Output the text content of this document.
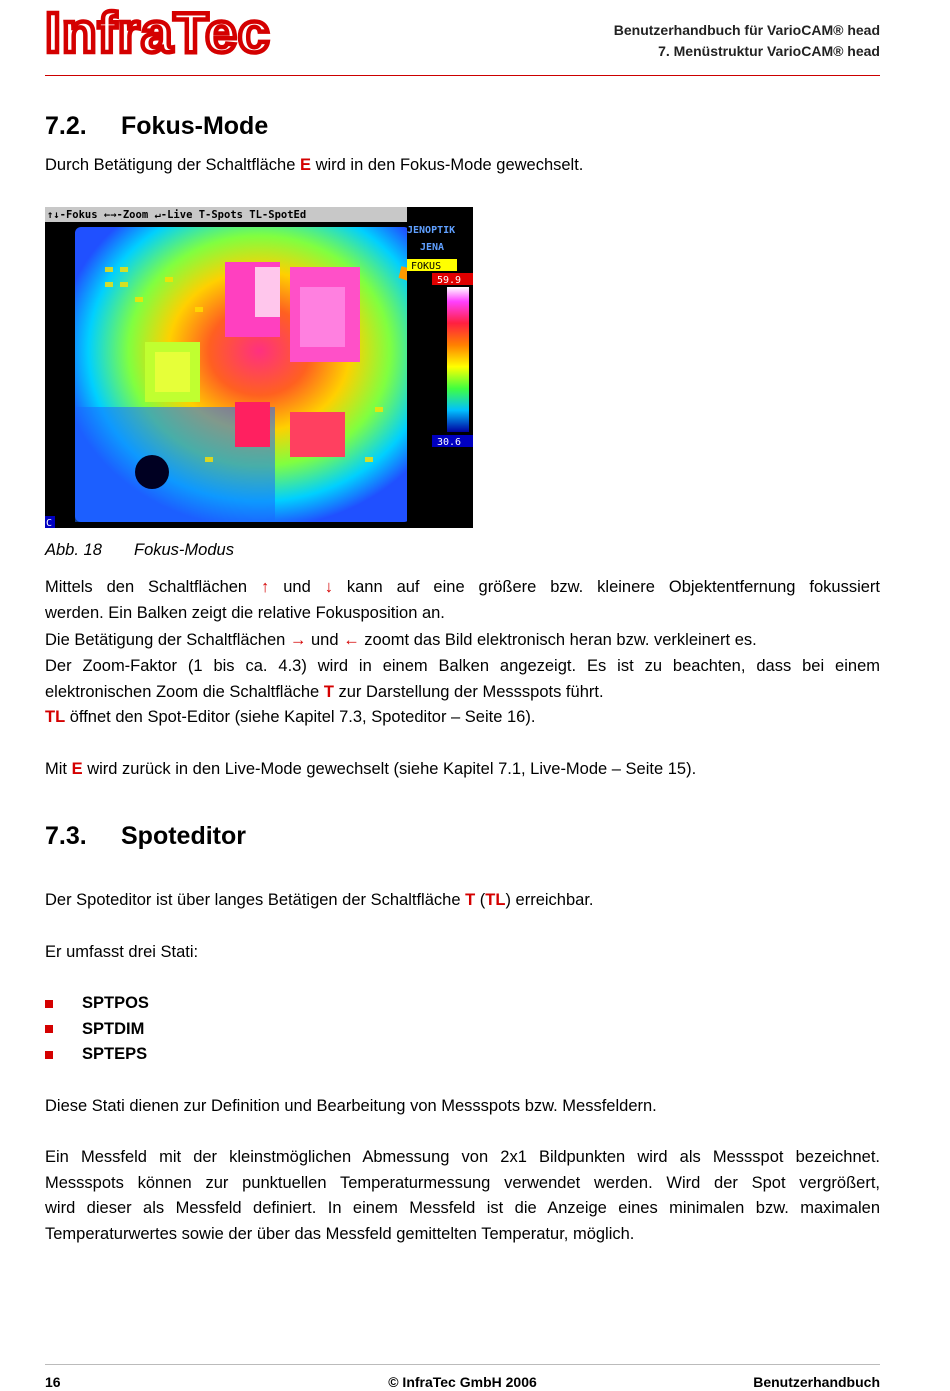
InfraTec	Benutzerhandbuch für VarioCAM® head
7. Menüstruktur VarioCAM® head
7.2. Fokus-Mode
Durch Betätigung der Schaltfläche E wird in den Fokus-Mode gewechselt.
↑↓-Fokus ←→-Zoom ↵-Live T-Spots TL-SpotEd
JENOPTIK
JENA
FOKUS
59.9
30.6
C
Abb. 18 Fokus-Modus
Mittels den Schaltflächen ↑ und ↓ kann auf eine größere bzw. kleinere Objektentfernung fokussiert
werden. Ein Balken zeigt die relative Fokusposition an.
Die Betätigung der Schaltflächen → und ← zoomt das Bild elektronisch heran bzw. verkleinert es.
Der Zoom-Faktor (1 bis ca. 4.3) wird in einem Balken angezeigt. Es ist zu beachten, dass bei einem
elektronischen Zoom die Schaltfläche T zur Darstellung der Messspots führt.
TL öffnet den Spot-Editor (siehe Kapitel 7.3, Spoteditor – Seite 16).
Mit E wird zurück in den Live-Mode gewechselt (siehe Kapitel 7.1, Live-Mode – Seite 15).
7.3. Spoteditor
Der Spoteditor ist über langes Betätigen der Schaltfläche T (TL) erreichbar.
Er umfasst drei Stati:
SPTPOS
SPTDIM
SPTEPS
Diese Stati dienen zur Definition und Bearbeitung von Messspots bzw. Messfeldern.
Ein Messfeld mit der kleinstmöglichen Abmessung von 2x1 Bildpunkten wird als Messspot bezeichnet.
Messspots können zur punktuellen Temperaturmessung verwendet werden. Wird der Spot vergrößert,
wird dieser als Messfeld definiert. In einem Messfeld ist die Anzeige eines minimalen bzw. maximalen
Temperaturwertes sowie der über das Messfeld gemittelten Temperatur, möglich.
16	© InfraTec GmbH 2006	Benutzerhandbuch
